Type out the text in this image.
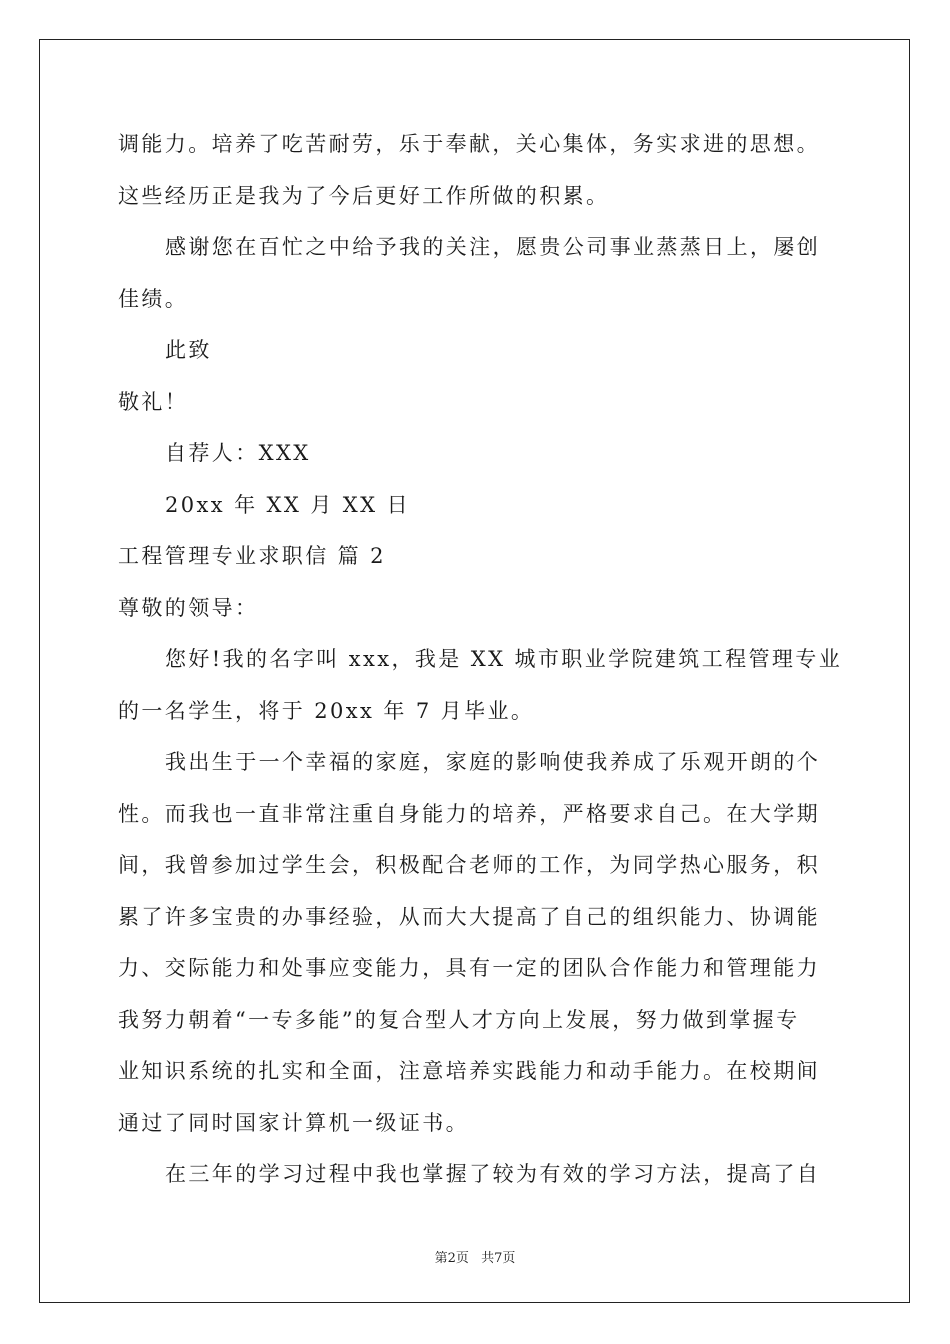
调能力。培养了吃苦耐劳，乐于奉献，关心集体，务实求进的思想。
这些经历正是我为了今后更好工作所做的积累。
感谢您在百忙之中给予我的关注，愿贵公司事业蒸蒸日上，屡创
佳绩。
此致
敬礼！
自荐人：XXX
20xx 年 XX 月 XX 日
工程管理专业求职信 篇 2
尊敬的领导：
您好!我的名字叫 xxx，我是 XX 城市职业学院建筑工程管理专业
的一名学生，将于 20xx 年 7 月毕业。
我出生于一个幸福的家庭，家庭的影响使我养成了乐观开朗的个
性。而我也一直非常注重自身能力的培养，严格要求自己。在大学期
间，我曾参加过学生会，积极配合老师的工作，为同学热心服务，积
累了许多宝贵的办事经验，从而大大提高了自己的组织能力、协调能
力、交际能力和处事应变能力，具有一定的团队合作能力和管理能力
我努力朝着“一专多能”的复合型人才方向上发展，努力做到掌握专
业知识系统的扎实和全面，注意培养实践能力和动手能力。在校期间
通过了同时国家计算机一级证书。
在三年的学习过程中我也掌握了较为有效的学习方法，提高了自
第2页 共7页
